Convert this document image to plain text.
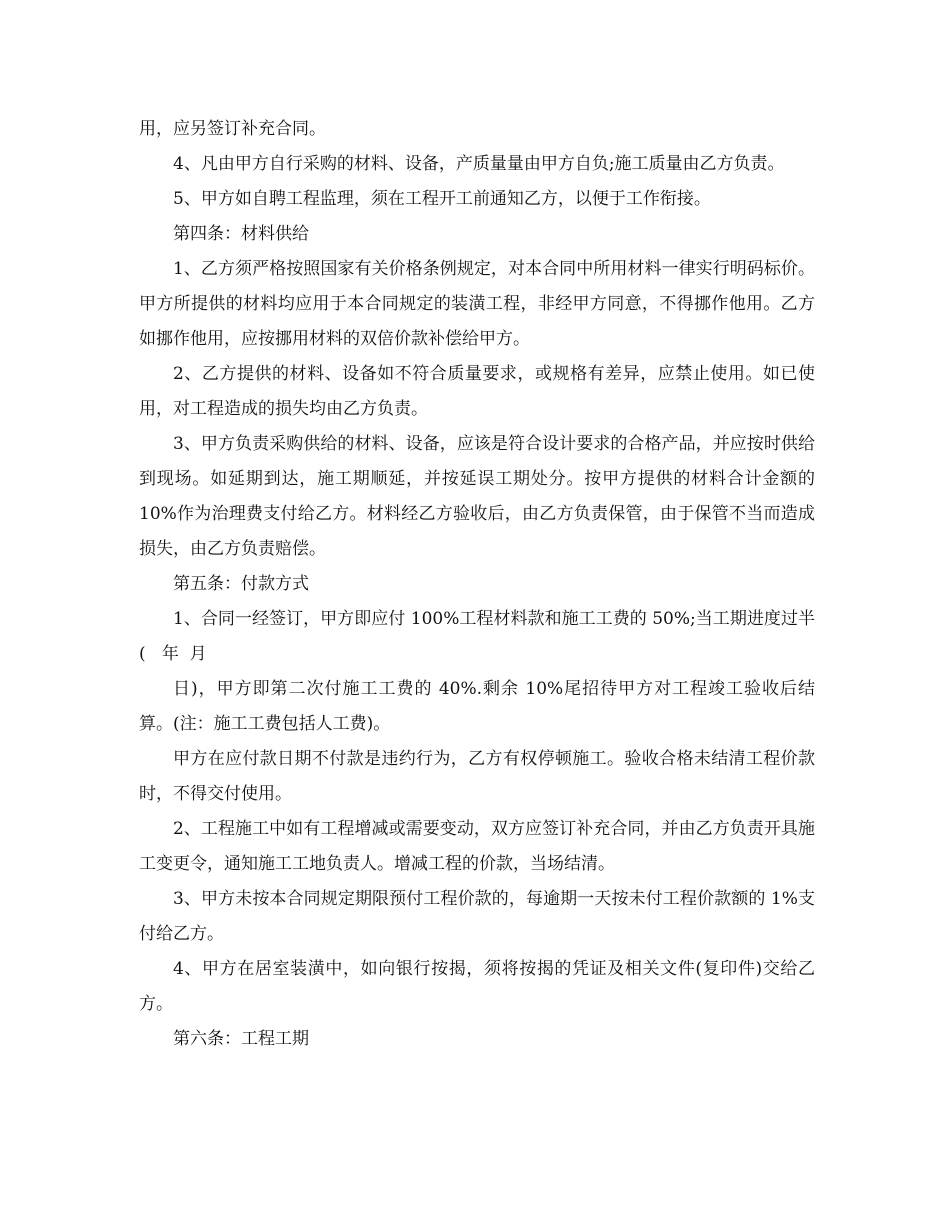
用，应另签订补充合同。

4、凡由甲方自行采购的材料、设备，产质量量由甲方自负;施工质量由乙方负责。

5、甲方如自聘工程监理，须在工程开工前通知乙方，以便于工作衔接。

第四条：材料供给

1、乙方须严格按照国家有关价格条例规定，对本合同中所用材料一律实行明码标价。甲方所提供的材料均应用于本合同规定的装潢工程，非经甲方同意，不得挪作他用。乙方如挪作他用，应按挪用材料的双倍价款补偿给甲方。

2、乙方提供的材料、设备如不符合质量要求，或规格有差异，应禁止使用。如已使用，对工程造成的损失均由乙方负责。

3、甲方负责采购供给的材料、设备，应该是符合设计要求的合格产品，并应按时供给到现场。如延期到达，施工期顺延，并按延误工期处分。按甲方提供的材料合计金额的 10%作为治理费支付给乙方。材料经乙方验收后，由乙方负责保管，由于保管不当而造成损失，由乙方负责赔偿。

第五条：付款方式

1、合同一经签订，甲方即应付 100%工程材料款和施工工费的 50%;当工期进度过半(   年  月

日)，甲方即第二次付施工工费的 40%.剩余 10%尾招待甲方对工程竣工验收后结算。(注：施工工费包括人工费)。

甲方在应付款日期不付款是违约行为，乙方有权停顿施工。验收合格未结清工程价款时，不得交付使用。

2、工程施工中如有工程增减或需要变动，双方应签订补充合同，并由乙方负责开具施工变更令，通知施工工地负责人。增减工程的价款，当场结清。

3、甲方未按本合同规定期限预付工程价款的，每逾期一天按未付工程价款额的 1%支付给乙方。

4、甲方在居室装潢中，如向银行按揭，须将按揭的凭证及相关文件(复印件)交给乙方。

第六条：工程工期
